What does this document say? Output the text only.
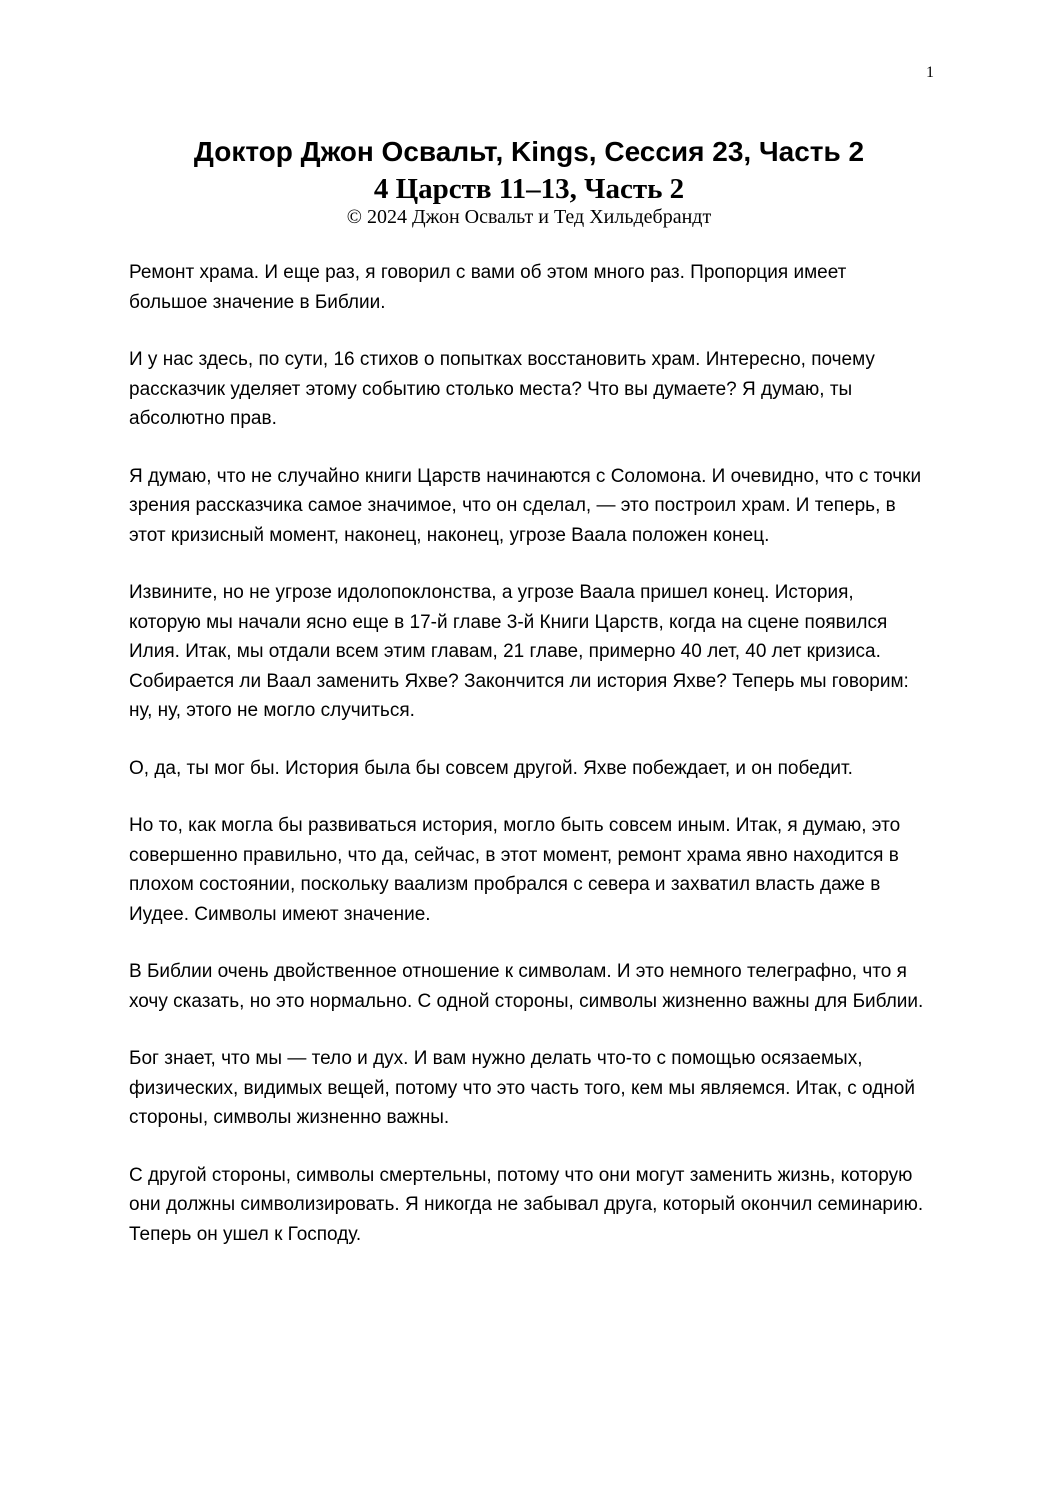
1
Доктор Джон Освальт, Kings, Сессия 23, Часть 2
4 Царств 11–13, Часть 2
© 2024 Джон Освальт и Тед Хильдебрандт

Ремонт храма. И еще раз, я говорил с вами об этом много раз. Пропорция имеет большое значение в Библии.

И у нас здесь, по сути, 16 стихов о попытках восстановить храм. Интересно, почему рассказчик уделяет этому событию столько места? Что вы думаете? Я думаю, ты абсолютно прав.

Я думаю, что не случайно книги Царств начинаются с Соломона. И очевидно, что с точки зрения рассказчика самое значимое, что он сделал, — это построил храм. И теперь, в этот кризисный момент, наконец, наконец, угрозе Ваала положен конец.

Извините, но не угрозе идолопоклонства, а угрозе Ваала пришел конец. История, которую мы начали ясно еще в 17-й главе 3-й Книги Царств, когда на сцене появился Илия. Итак, мы отдали всем этим главам, 21 главе, примерно 40 лет, 40 лет кризиса. Собирается ли Ваал заменить Яхве? Закончится ли история Яхве? Теперь мы говорим: ну, ну, этого не могло случиться.

О, да, ты мог бы. История была бы совсем другой. Яхве побеждает, и он победит.

Но то, как могла бы развиваться история, могло быть совсем иным. Итак, я думаю, это совершенно правильно, что да, сейчас, в этот момент, ремонт храма явно находится в плохом состоянии, поскольку ваализм пробрался с севера и захватил власть даже в Иудее. Символы имеют значение.

В Библии очень двойственное отношение к символам. И это немного телеграфно, что я хочу сказать, но это нормально. С одной стороны, символы жизненно важны для Библии.

Бог знает, что мы — тело и дух. И вам нужно делать что-то с помощью осязаемых, физических, видимых вещей, потому что это часть того, кем мы являемся. Итак, с одной стороны, символы жизненно важны.

С другой стороны, символы смертельны, потому что они могут заменить жизнь, которую они должны символизировать. Я никогда не забывал друга, который окончил семинарию. Теперь он ушел к Господу.
